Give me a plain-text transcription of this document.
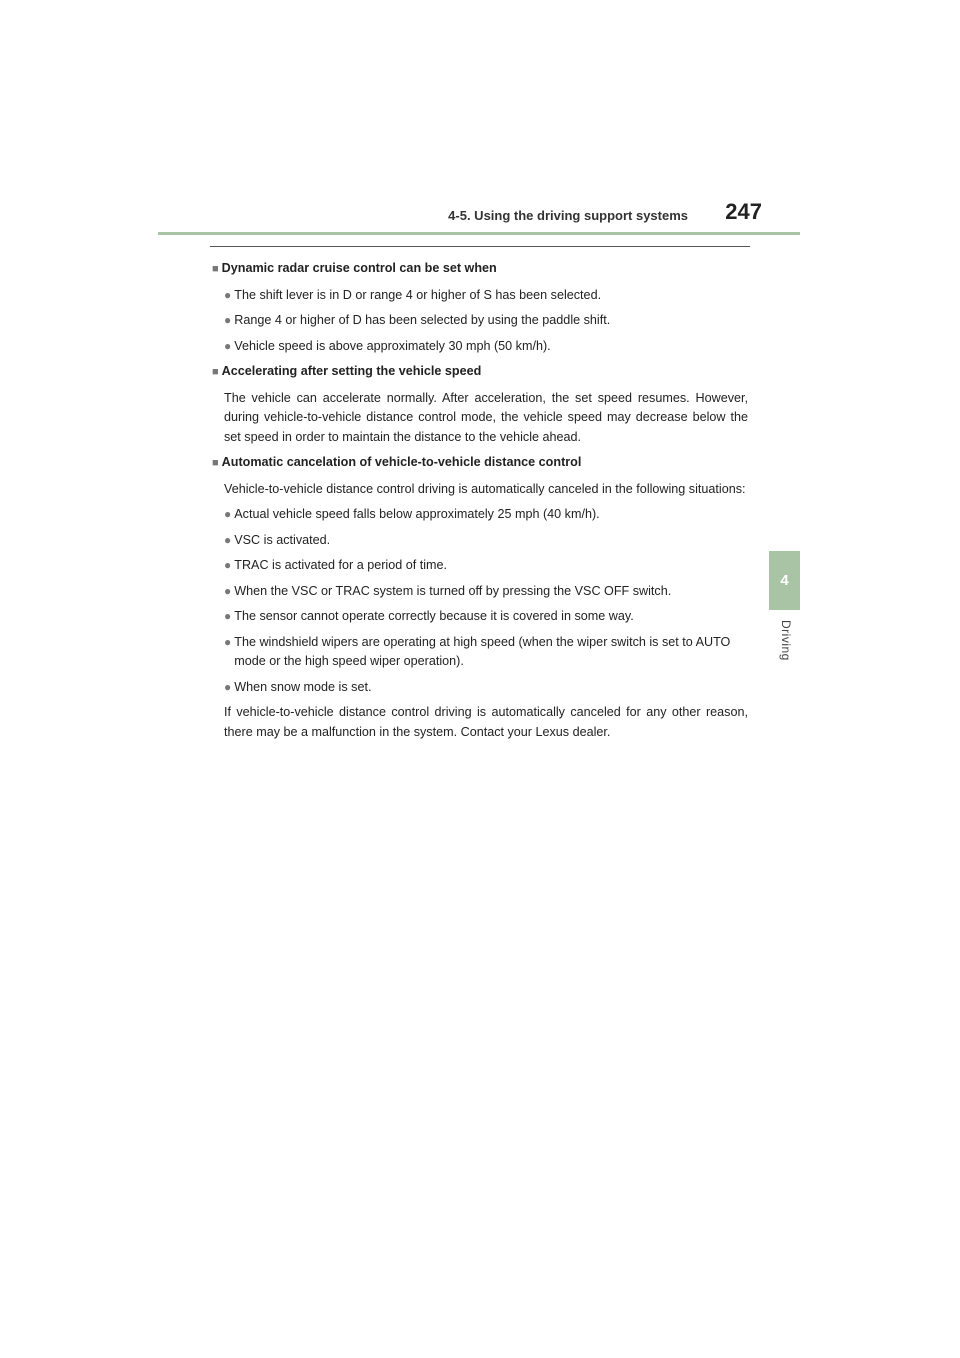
4-5. Using the driving support systems	247
4
Driving
■ Dynamic radar cruise control can be set when
● The shift lever is in D or range 4 or higher of S has been selected.
● Range 4 or higher of D has been selected by using the paddle shift.
● Vehicle speed is above approximately 30 mph (50 km/h).
■ Accelerating after setting the vehicle speed
The vehicle can accelerate normally. After acceleration, the set speed resumes. However, during vehicle-to-vehicle distance control mode, the vehicle speed may decrease below the set speed in order to maintain the distance to the vehicle ahead.
■ Automatic cancelation of vehicle-to-vehicle distance control
Vehicle-to-vehicle distance control driving is automatically canceled in the following situations:
● Actual vehicle speed falls below approximately 25 mph (40 km/h).
● VSC is activated.
● TRAC is activated for a period of time.
● When the VSC or TRAC system is turned off by pressing the VSC OFF switch.
● The sensor cannot operate correctly because it is covered in some way.
● The windshield wipers are operating at high speed (when the wiper switch is set to AUTO mode or the high speed wiper operation).
● When snow mode is set.
If vehicle-to-vehicle distance control driving is automatically canceled for any other reason, there may be a malfunction in the system. Contact your Lexus dealer.
